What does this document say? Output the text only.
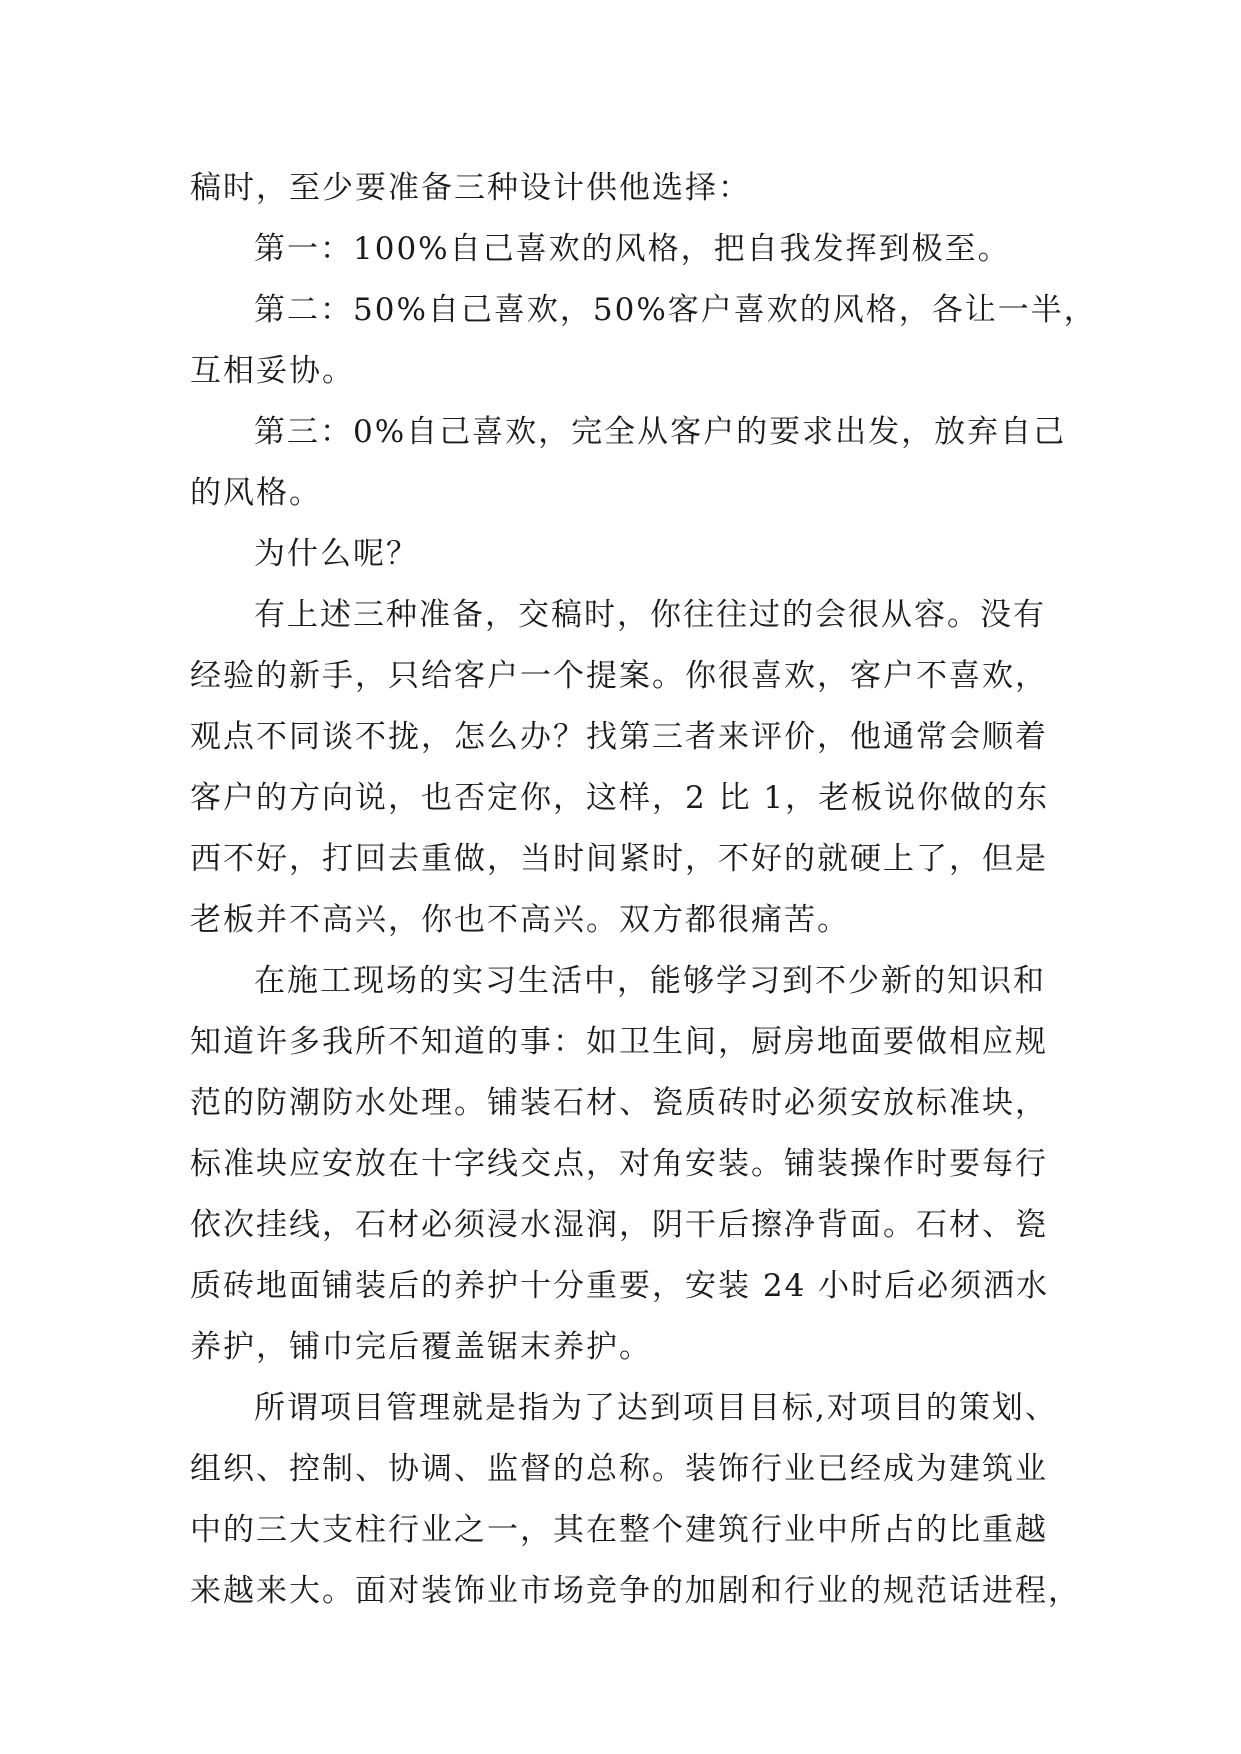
稿时，至少要准备三种设计供他选择：
第一：100%自己喜欢的风格，把自我发挥到极至。
第二：50%自己喜欢，50%客户喜欢的风格，各让一半，
互相妥协。
第三：0%自己喜欢，完全从客户的要求出发，放弃自己
的风格。
为什么呢？
有上述三种准备，交稿时，你往往过的会很从容。没有
经验的新手，只给客户一个提案。你很喜欢，客户不喜欢，
观点不同谈不拢，怎么办？找第三者来评价，他通常会顺着
客户的方向说，也否定你，这样，2 比 1，老板说你做的东
西不好，打回去重做，当时间紧时，不好的就硬上了，但是
老板并不高兴，你也不高兴。双方都很痛苦。
在施工现场的实习生活中，能够学习到不少新的知识和
知道许多我所不知道的事：如卫生间，厨房地面要做相应规
范的防潮防水处理。铺装石材、瓷质砖时必须安放标准块，
标准块应安放在十字线交点，对角安装。铺装操作时要每行
依次挂线，石材必须浸水湿润，阴干后擦净背面。石材、瓷
质砖地面铺装后的养护十分重要，安装 24 小时后必须洒水
养护，铺巾完后覆盖锯末养护。
所谓项目管理就是指为了达到项目目标,对项目的策划、
组织、控制、协调、监督的总称。装饰行业已经成为建筑业
中的三大支柱行业之一，其在整个建筑行业中所占的比重越
来越来大。面对装饰业市场竞争的加剧和行业的规范话进程，
